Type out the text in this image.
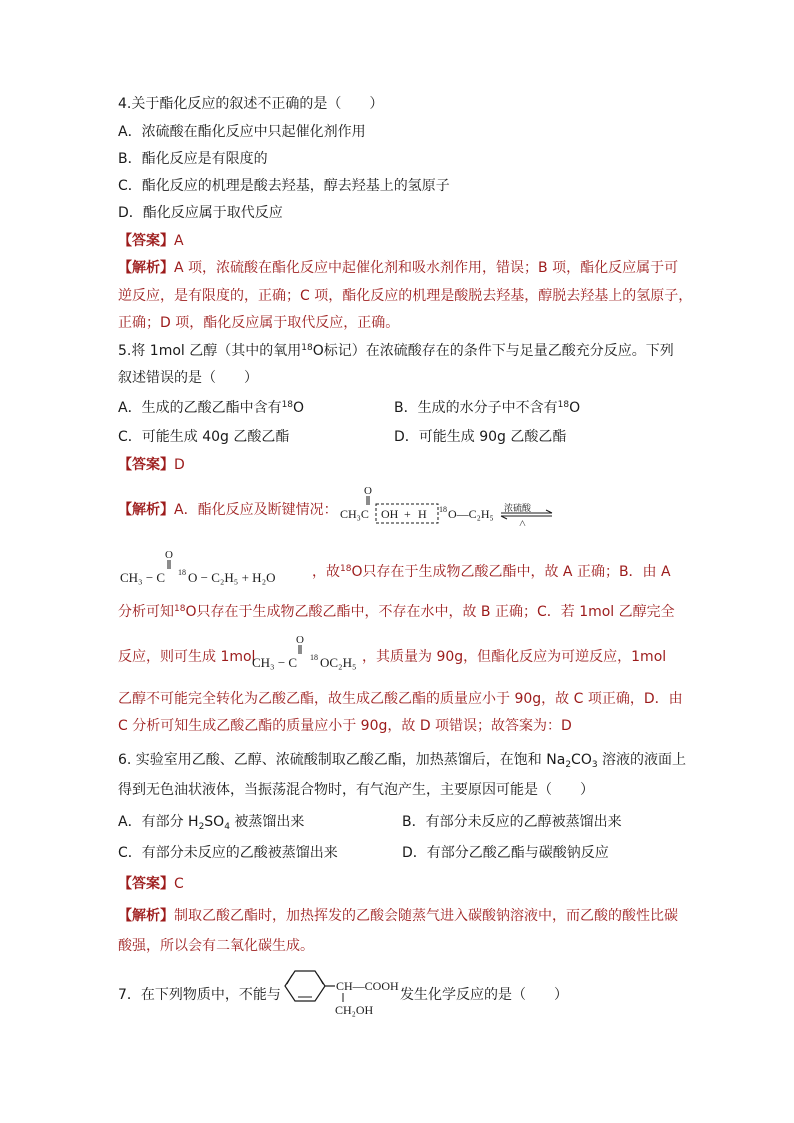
4.关于酯化反应的叙述不正确的是（　　）
A．浓硫酸在酯化反应中只起催化剂作用
B．酯化反应是有限度的
C．酯化反应的机理是酸去羟基，醇去羟基上的氢原子
D．酯化反应属于取代反应
【答案】A
【解析】A 项，浓硫酸在酯化反应中起催化剂和吸水剂作用，错误；B 项，酯化反应属于可
逆反应，是有限度的，正确；C 项，酯化反应的机理是酸脱去羟基，醇脱去羟基上的氢原子，
正确；D 项，酯化反应属于取代反应，正确。
5.将 1mol 乙醇（其中的氧用$^{18}$O标记）在浓硫酸存在的条件下与足量乙酸充分反应。下列
叙述错误的是（　　）
A．生成的乙酸乙酯中含有$^{18}$O	B．生成的水分子中不含有$^{18}$O
C．可能生成 40g 乙酸乙酯	D．可能生成 90g 乙酸乙酯
【答案】D
【解析】A．酯化反应及断键情况：
O
CH₃C OH + H 18 O—C₂H₅ 浓硫酸
△
O
CH₃ − C 18 O − C₂H₅ + H₂O	，故$^{18}$O只存在于生成物乙酸乙酯中，故 A 正确；B．由 A
分析可知$^{18}$O只存在于生成物乙酸乙酯中，不存在水中，故 B 正确；C．若 1mol 乙醇完全
反应，则可生成 1mol
O
CH₃ − C 18 OC₂H₅ ，其质量为 90g，但酯化反应为可逆反应，1mol
乙醇不可能完全转化为乙酸乙酯，故生成乙酸乙酯的质量应小于 90g，故 C 项正确，D．由
C 分析可知生成乙酸乙酯的质量应小于 90g，故 D 项错误；故答案为：D
6. 实验室用乙酸、乙醇、浓硫酸制取乙酸乙酯，加热蒸馏后，在饱和 $Na_2CO_3$ 溶液的液面上
得到无色油状液体，当振荡混合物时，有气泡产生，主要原因可能是（　　）
A．有部分 $H_2SO_4$ 被蒸馏出来	B．有部分未反应的乙醇被蒸馏出来
C．有部分未反应的乙酸被蒸馏出来	D．有部分乙酸乙酯与碳酸钠反应
【答案】C
【解析】制取乙酸乙酯时，加热挥发的乙酸会随蒸气进入碳酸钠溶液中，而乙酸的酸性比碳
酸强，所以会有二氧化碳生成。
7．在下列物质中，不能与
CH—COOH
CH₂OH
发生化学反应的是（　　）
